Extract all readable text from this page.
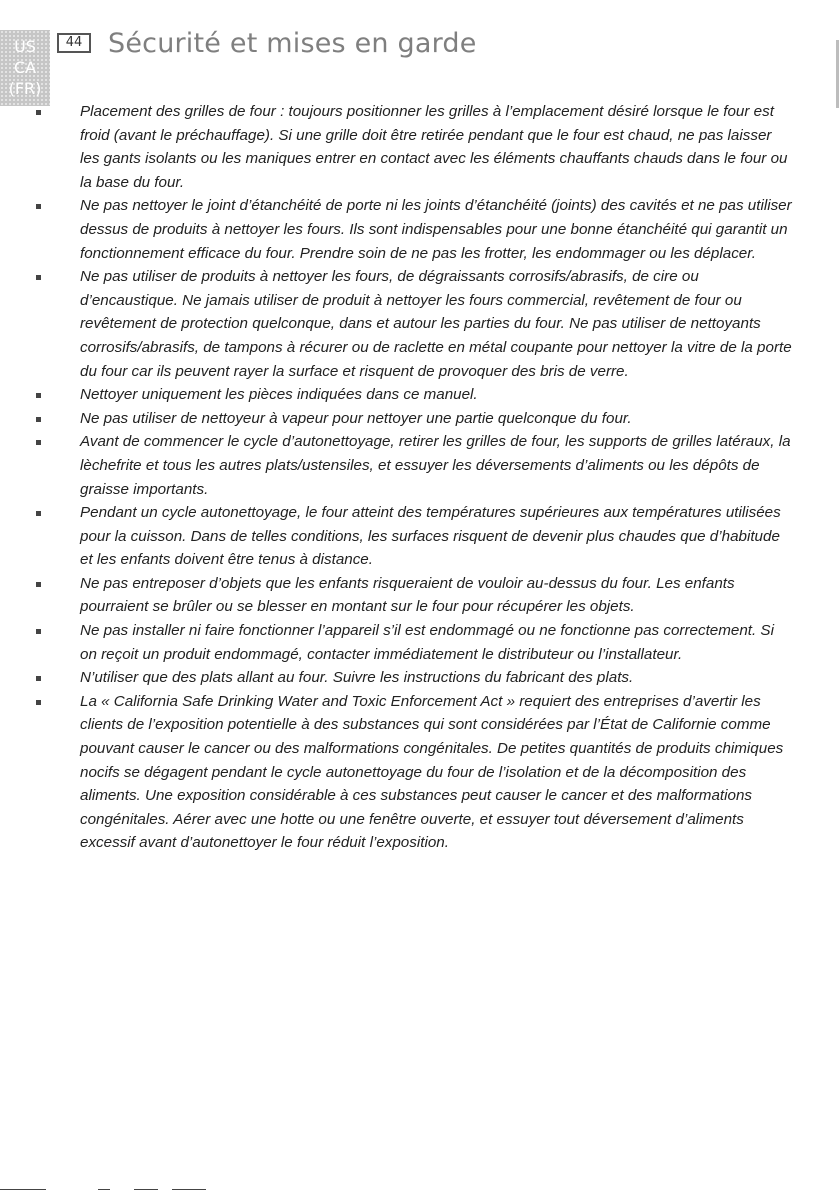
US
CA
(FR)
44 Sécurité et mises en garde
Placement des grilles de four : toujours positionner les grilles à l’emplacement désiré lorsque le four est froid (avant le préchauffage). Si une grille doit être retirée pendant que le four est chaud, ne pas laisser les gants isolants ou les maniques entrer en contact avec les éléments chauffants chauds dans le four ou la base du four.
Ne pas nettoyer le joint d’étanchéité de porte ni les joints d’étanchéité (joints) des cavités et ne pas utiliser dessus de produits à nettoyer les fours. Ils sont indispensables pour une bonne étanchéité qui garantit un fonctionnement efficace du four. Prendre soin de ne pas les frotter, les endommager ou les déplacer.
Ne pas utiliser de produits à nettoyer les fours, de dégraissants corrosifs/abrasifs, de cire ou d’encaustique. Ne jamais utiliser de produit à nettoyer les fours commercial, revêtement de four ou revêtement de protection quelconque, dans et autour les parties du four. Ne pas utiliser de nettoyants corrosifs/abrasifs, de tampons à récurer ou de raclette en métal coupante pour nettoyer la vitre de la porte du four car ils peuvent rayer la surface et risquent de provoquer des bris de verre.
Nettoyer uniquement les pièces indiquées dans ce manuel.
Ne pas utiliser de nettoyeur à vapeur pour nettoyer une partie quelconque du four.
Avant de commencer le cycle d’autonettoyage, retirer les grilles de four, les supports de grilles latéraux, la lèchefrite et tous les autres plats/ustensiles, et essuyer les déversements d’aliments ou les dépôts de graisse importants.
Pendant un cycle autonettoyage, le four atteint des températures supérieures aux températures utilisées pour la cuisson. Dans de telles conditions, les surfaces risquent de devenir plus chaudes que d’habitude et les enfants doivent être tenus à distance.
Ne pas entreposer d’objets que les enfants risqueraient de vouloir au-dessus du four. Les enfants pourraient se brûler ou se blesser en montant sur le four pour récupérer les objets.
Ne pas installer ni faire fonctionner l’appareil s’il est endommagé ou ne fonctionne pas correctement. Si on reçoit un produit endommagé, contacter immédiatement le distributeur ou l’installateur.
N’utiliser que des plats allant au four. Suivre les instructions du fabricant des plats.
La « California Safe Drinking Water and Toxic Enforcement Act » requiert des entreprises d’avertir les clients de l’exposition potentielle à des substances qui sont considérées par l’État de Californie comme pouvant causer le cancer ou des malformations congénitales. De petites quantités de produits chimiques nocifs se dégagent pendant le cycle autonettoyage du four de l’isolation et de la décomposition des aliments. Une exposition considérable à ces substances peut causer le cancer et des malformations congénitales. Aérer avec une hotte ou une fenêtre ouverte, et essuyer tout déversement d’aliments excessif avant d’autonettoyer le four réduit l’exposition.
